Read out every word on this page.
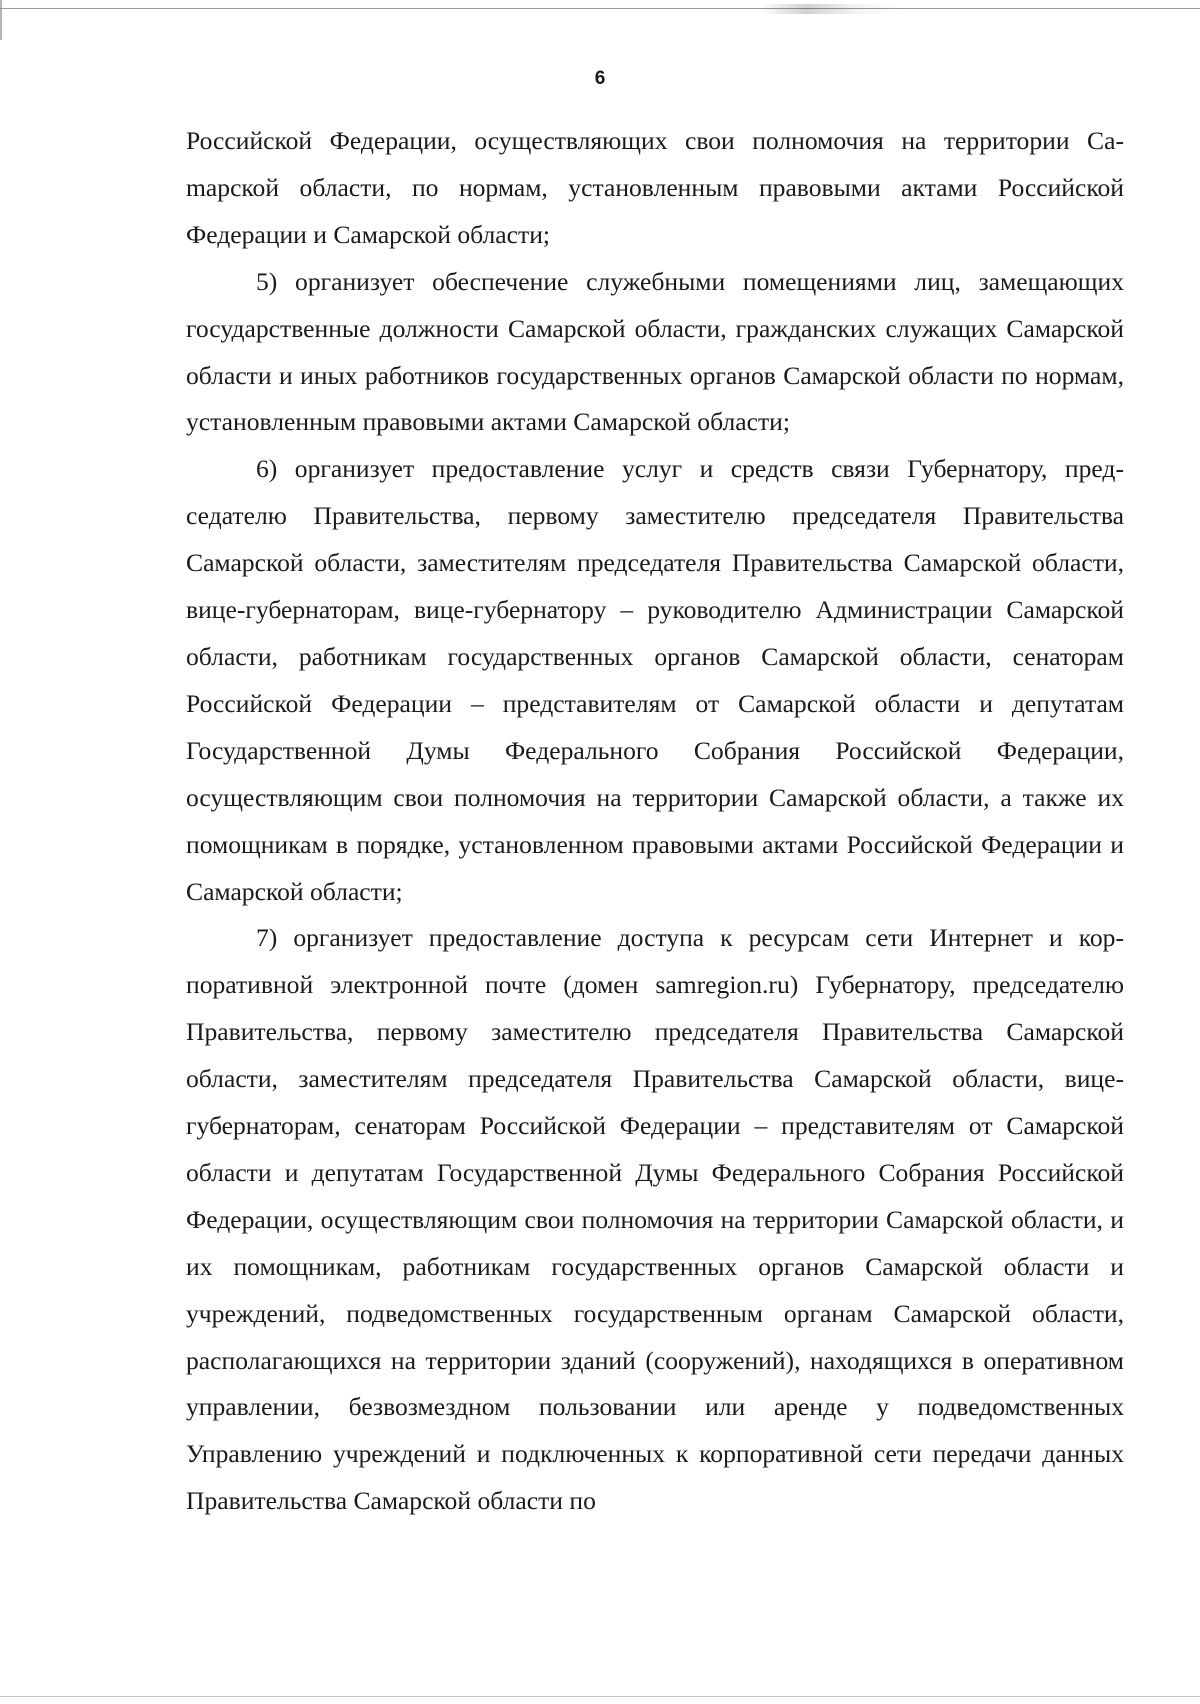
6

Российской Федерации, осуществляющих свои полномочия на территории Саmарской области, по нормам, установленным правовыми актами Российской Федерации и Самарской области;

5) организует обеспечение служебными помещениями лиц, замещающих государственные должности Самарской области, гражданских служащих Самарской области и иных работников государственных органов Самарской области по нормам, установленным правовыми актами Самарской области;

6) организует предоставление услуг и средств связи Губернатору, председателю Правительства, первому заместителю председателя Правительства Самарской области, заместителям председателя Правительства Самарской области, вице-губернаторам, вице-губернатору – руководителю Администрации Самарской области, работникам государственных органов Самарской области, сенаторам Российской Федерации – представителям от Самарской области и депутатам Государственной Думы Федерального Собрания Российской Федерации, осуществляющим свои полномочия на территории Самарской области, а также их помощникам в порядке, установленном правовыми актами Российской Федерации и Самарской области;

7) организует предоставление доступа к ресурсам сети Интернет и корпоративной электронной почте (домен samregion.ru) Губернатору, председателю Правительства, первому заместителю председателя Правительства Самарской области, заместителям председателя Правительства Самарской области, вице-губернаторам, сенаторам Российской Федерации – представителям от Самарской области и депутатам Государственной Думы Федерального Собрания Российской Федерации, осуществляющим свои полномочия на территории Самарской области, и их помощникам, работникам государственных органов Самарской области и учреждений, подведомственных государственным органам Самарской области, располагающихся на территории зданий (сооружений), находящихся в оперативном управлении, безвозмездном пользовании или аренде у подведомственных Управлению учреждений и подключенных к корпоративной сети передачи данных Правительства Самарской области по
